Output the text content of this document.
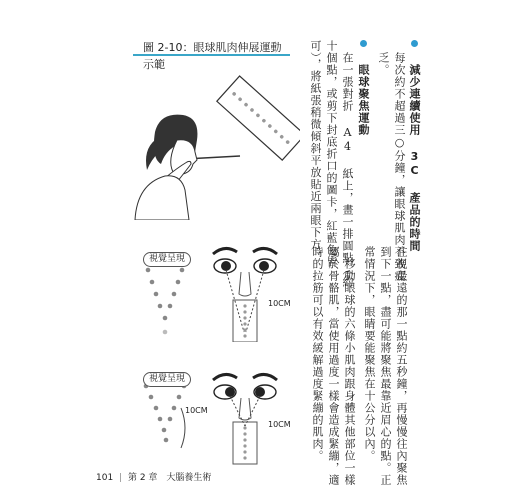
圖 2-10：眼球肌肉伸展運動示範
視覺呈現
10CM
視覺呈現
10CM
10CM
減少連續使用 3C 產品的時間
每次約不超過三○分鐘，讓眼球肌肉不致疲
乏。
眼球聚焦運動
在一張對折 A4 紙上，畫一排圓點（約
十個點，或剪下封底折口的圖卡，紅藍色皆
可），將紙張稍微傾斜平放貼近兩眼下方，
注視最遠的那一點約五秒鐘，再慢慢往內聚焦
到下一點，盡可能將聚焦最靠近眉心的點。正
常情況下，眼睛要能聚焦在十公分以內。
移動眼球的六條小肌肉跟身體其他部位一樣
屬於骨骼肌，當使用過度一樣會造成緊繃，適
時的拉筋可以有效緩解過度緊繃的肌肉。
101 | 第 2 章 大腦養生術
